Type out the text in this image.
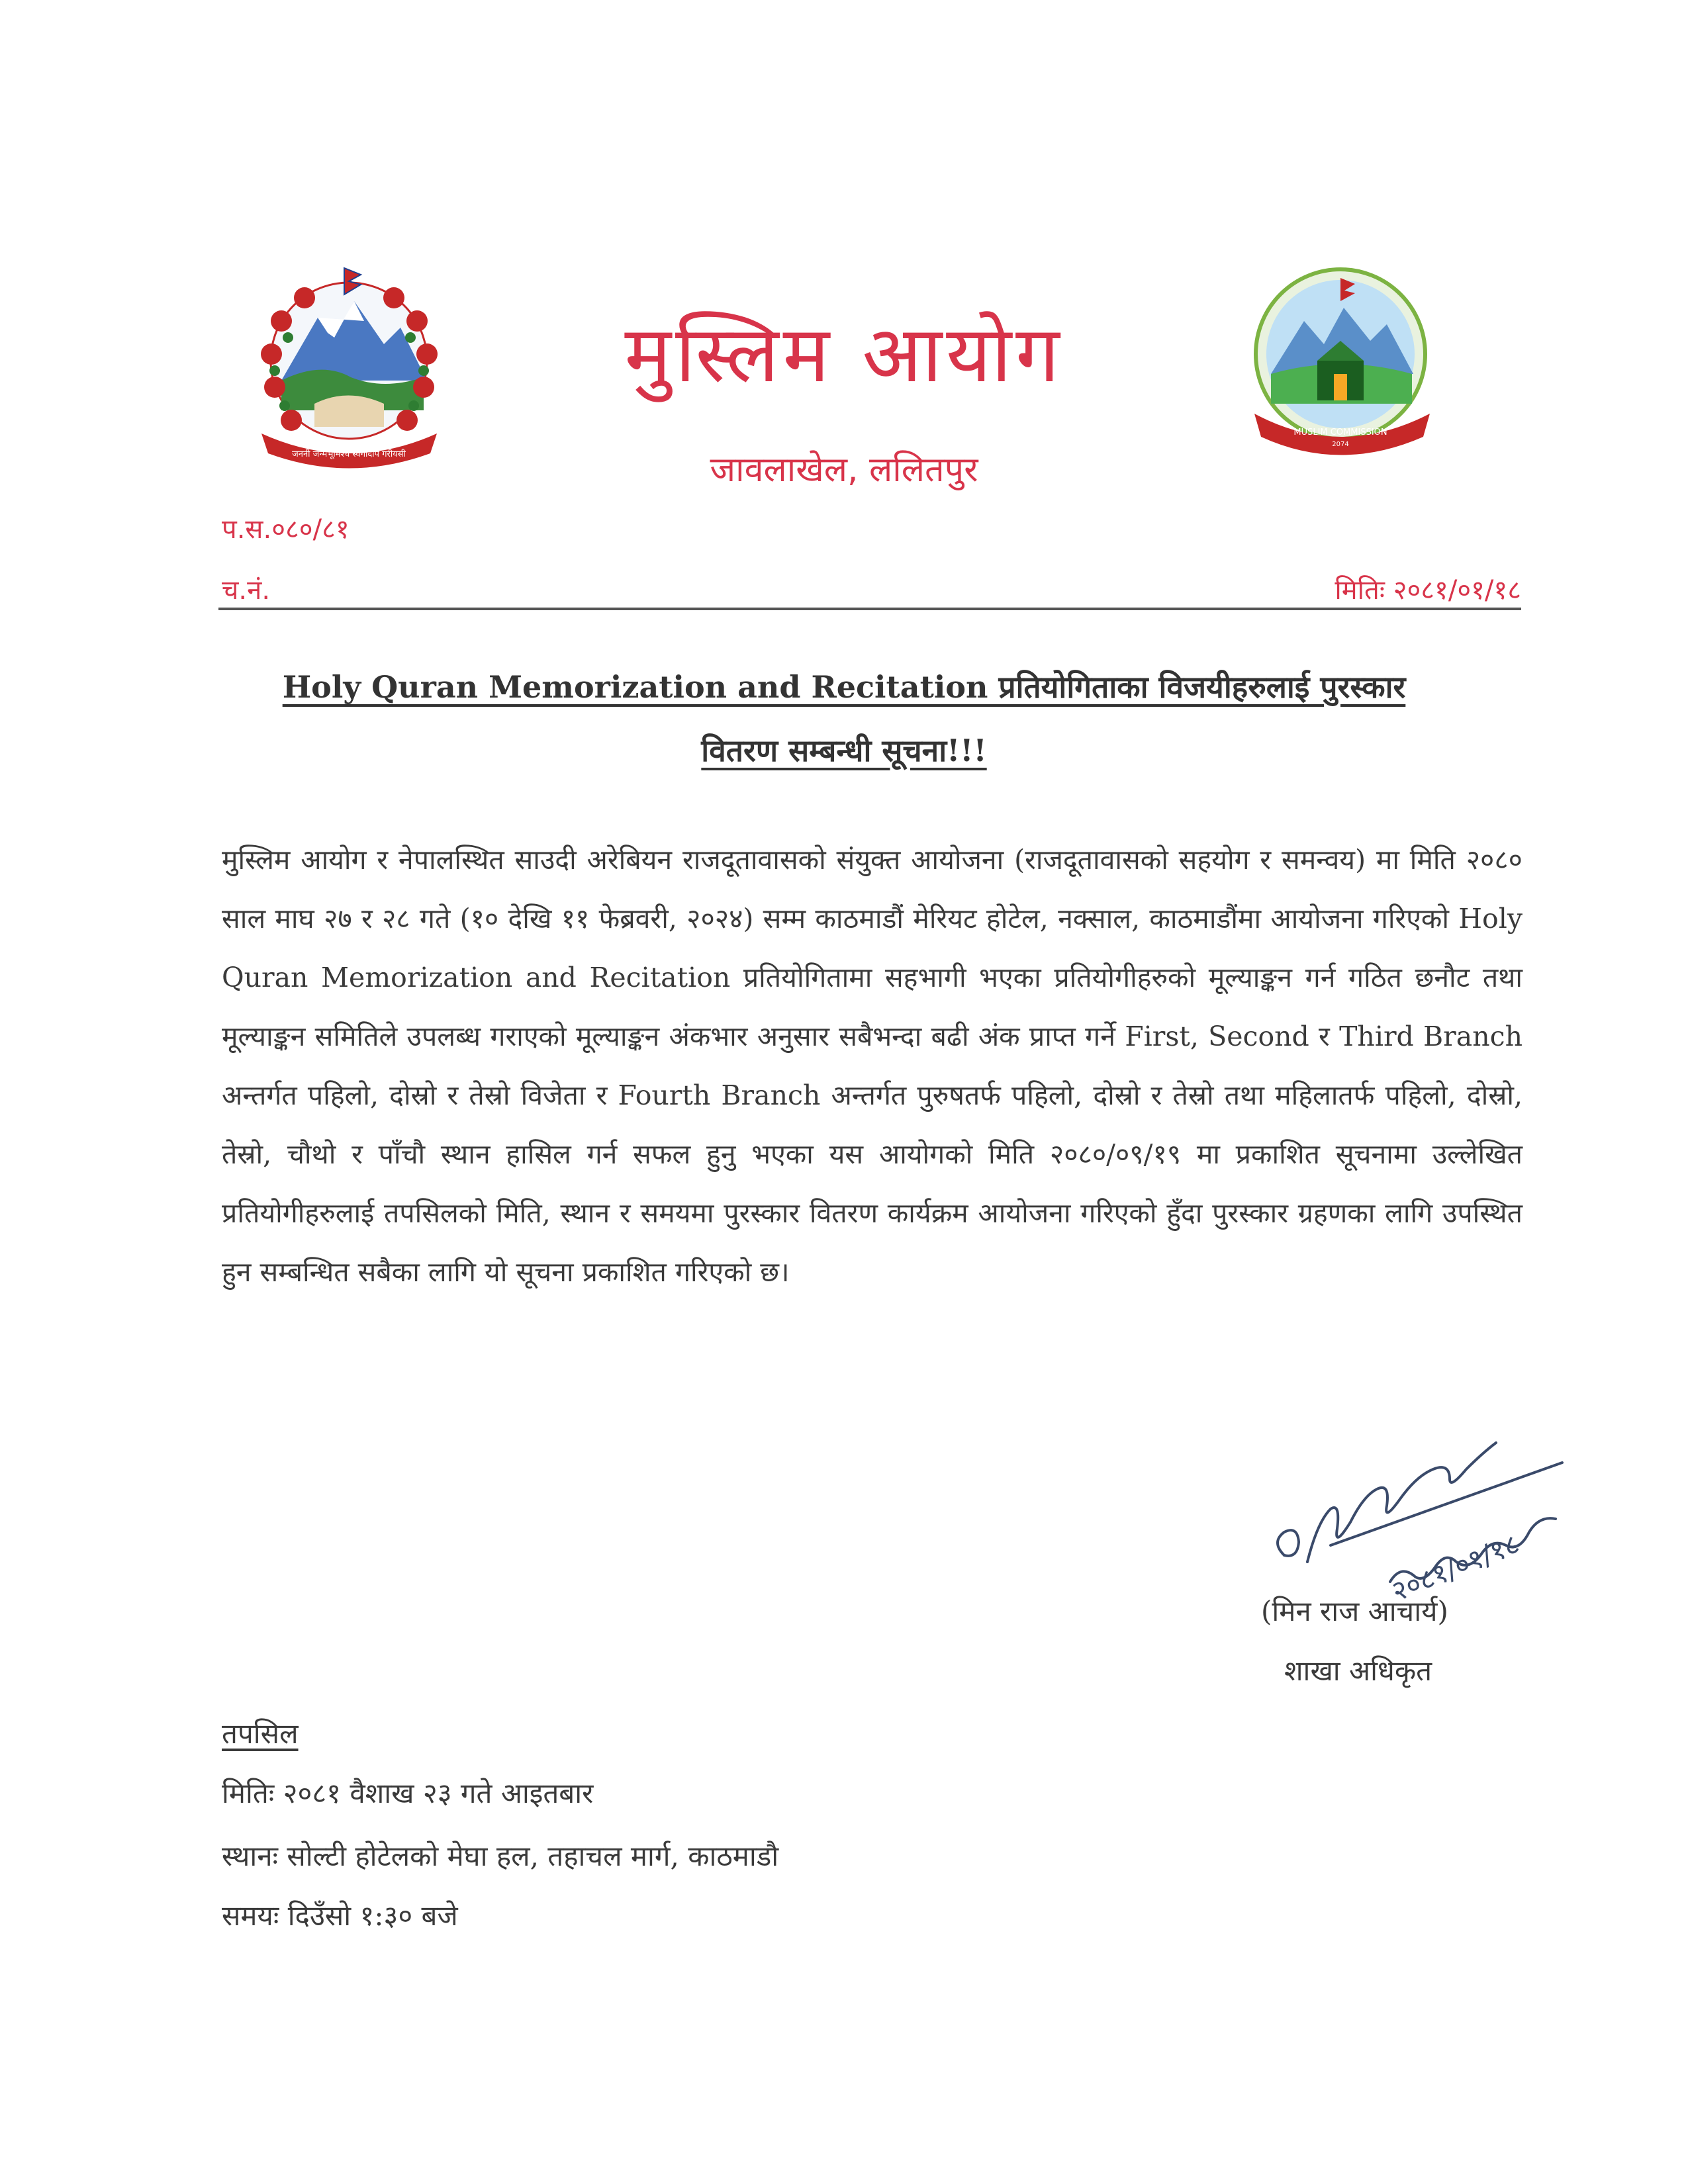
जननी जन्मभूमिश्च स्वर्गादपि गरीयसी
MUSLIM COMMISSION
2074
मुस्लिम आयोग
जावलाखेल, ललितपुर
प.स.०८०/८१
च.नं.	मितिः २०८१/०१/१८
Holy Quran Memorization and Recitation प्रतियोगिताका विजयीहरुलाई पुरस्कार
वितरण सम्बन्धी सूचना!!!
मुस्लिम आयोग र नेपालस्थित साउदी अरेबियन राजदूतावासको संयुक्त आयोजना (राजदूतावासको सहयोग र समन्वय) मा मिति २०८० साल माघ २७ र २८ गते (१० देखि ११ फेब्रवरी, २०२४) सम्म काठमाडौं मेरियट होटेल, नक्साल, काठमाडौंमा आयोजना गरिएको Holy Quran Memorization and Recitation प्रतियोगितामा सहभागी भएका प्रतियोगीहरुको मूल्याङ्कन गर्न गठित छनौट तथा मूल्याङ्कन समितिले उपलब्ध गराएको मूल्याङ्कन अंकभार अनुसार सबैभन्दा बढी अंक प्राप्त गर्ने First, Second र Third Branch अन्तर्गत पहिलो, दोस्रो र तेस्रो विजेता र Fourth Branch अन्तर्गत पुरुषतर्फ पहिलो, दोस्रो र तेस्रो तथा महिलातर्फ पहिलो, दोस्रो, तेस्रो, चौथो र पाँचौ स्थान हासिल गर्न सफल हुनु भएका यस आयोगको मिति २०८०/०९/१९ मा प्रकाशित सूचनामा उल्लेखित प्रतियोगीहरुलाई तपसिलको मिति, स्थान र समयमा पुरस्कार वितरण कार्यक्रम आयोजना गरिएको हुँदा पुरस्कार ग्रहणका लागि उपस्थित हुन सम्बन्धित सबैका लागि यो सूचना प्रकाशित गरिएको छ।
२०८१/०१/१८
(मिन राज आचार्य)
शाखा अधिकृत
तपसिल
मितिः २०८१ वैशाख २३ गते आइतबार
स्थानः सोल्टी होटेलको मेघा हल, तहाचल मार्ग, काठमाडौ
समयः दिउँसो १:३० बजे
